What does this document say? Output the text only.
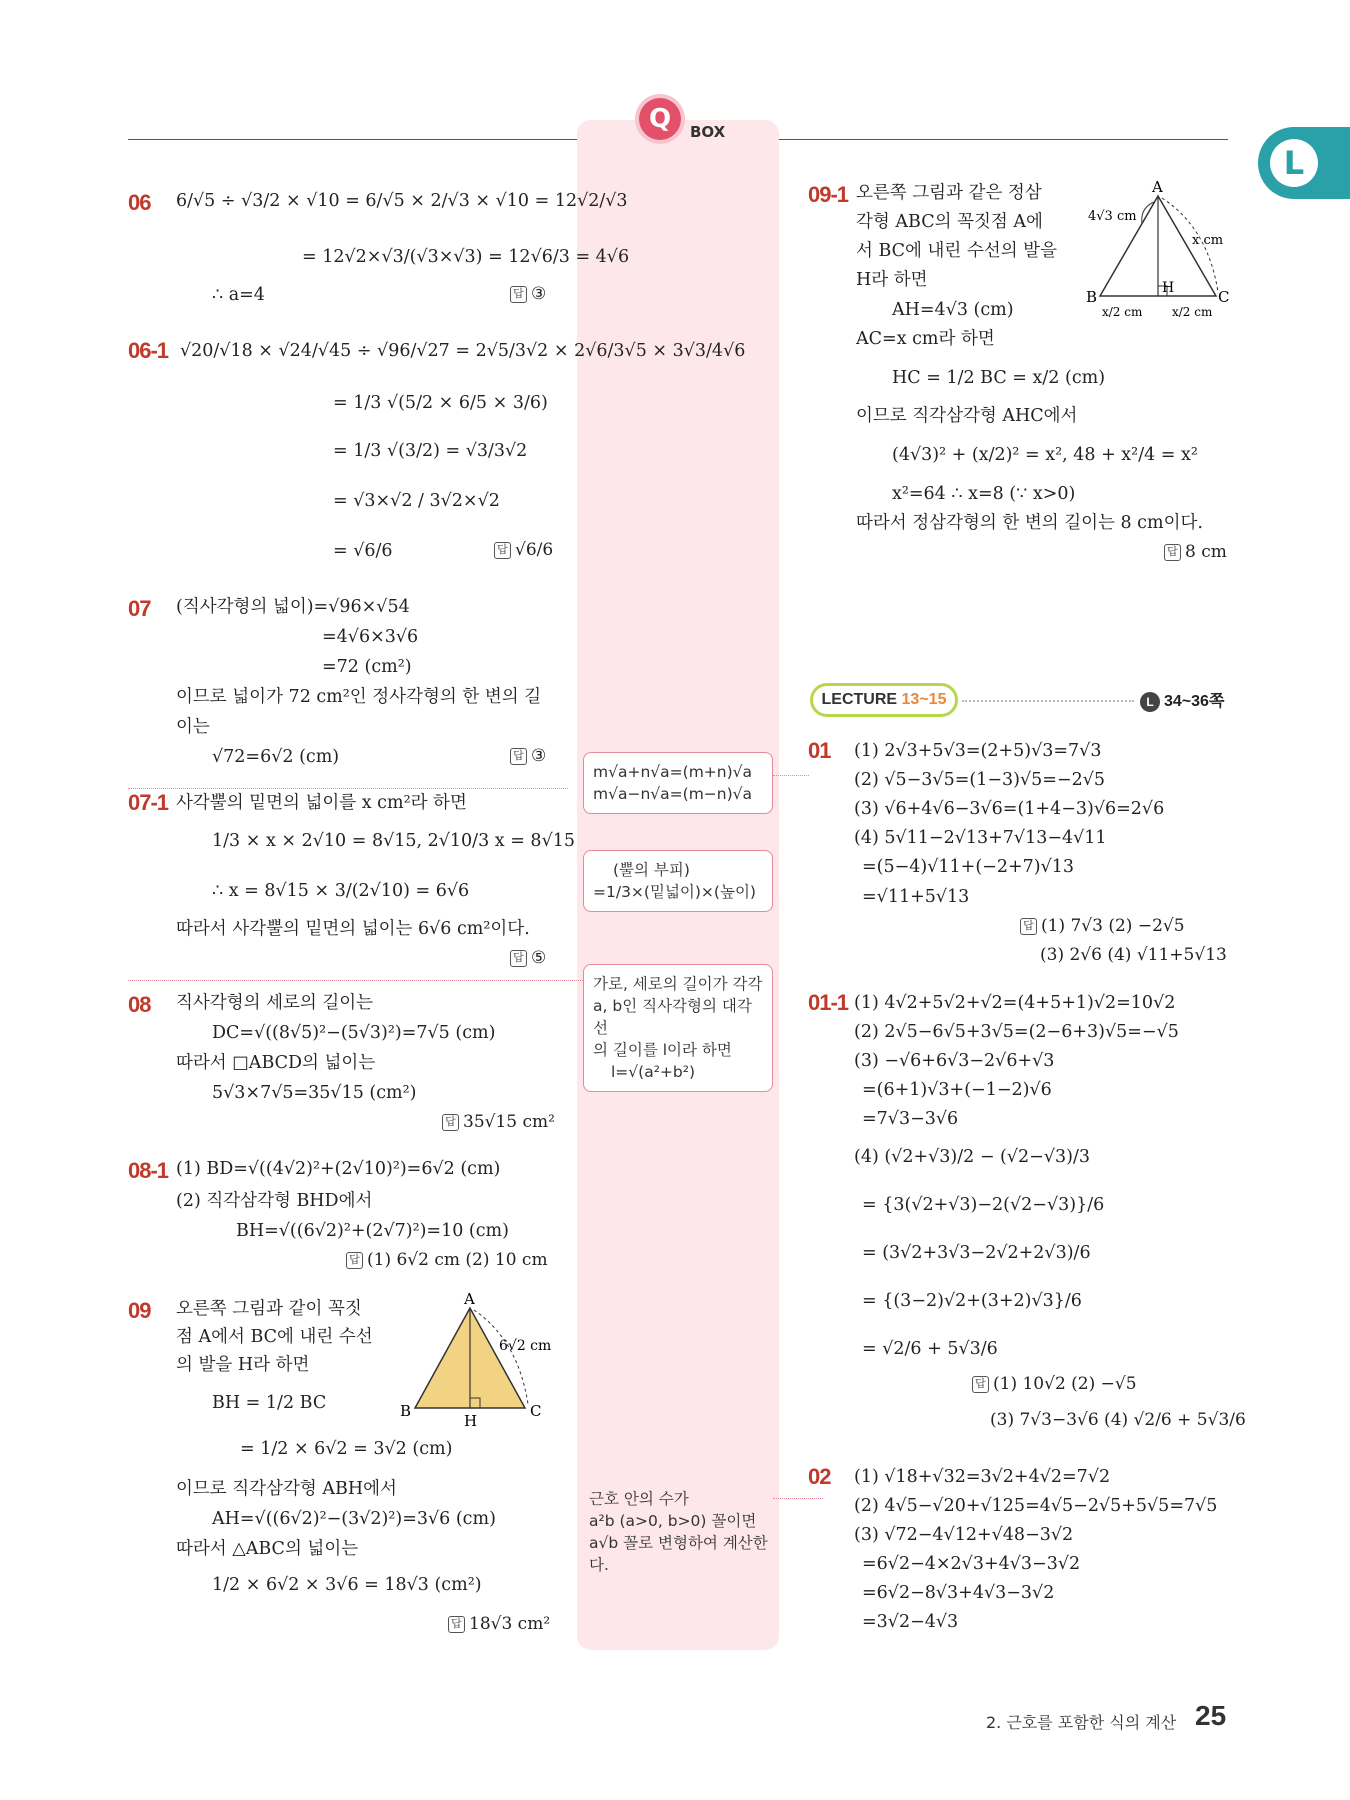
Q	BOX
L
06 6/√5 ÷ √3/2 × √10 = 6/√5 × 2/√3 × √10 = 12√2/√3
= 12√2×√3/(√3×√3) = 12√6/3 = 4√6
∴ a=4	답 ③
06-1 √20/√18 × √24/√45 ÷ √96/√27 = 2√5/3√2 × 2√6/3√5 × 3√3/4√6
= 1/3 √(5/2 × 6/5 × 3/6)
= 1/3 √(3/2) = √3/3√2
= √3×√2 / 3√2×√2
= √6/6	답 √6/6
07 (직사각형의 넓이)=√96×√54
=4√6×3√6
=72 (cm²)
이므로 넓이가 72 cm²인 정사각형의 한 변의 길
이는
√72=6√2 (cm)	답 ③
07-1 사각뿔의 밑면의 넓이를 x cm²라 하면
1/3 × x × 2√10 = 8√15, 2√10/3 x = 8√15
∴ x = 8√15 × 3/(2√10) = 6√6
따라서 사각뿔의 밑면의 넓이는 6√6 cm²이다.
답 ⑤
08 직사각형의 세로의 길이는
DC=√((8√5)²−(5√3)²)=7√5 (cm)
따라서 □ABCD의 넓이는
5√3×7√5=35√15 (cm²)
답 35√15 cm²
08-1 (1) BD=√((4√2)²+(2√10)²)=6√2 (cm)
(2) 직각삼각형 BHD에서
BH=√((6√2)²+(2√7)²)=10 (cm)
답 (1) 6√2 cm (2) 10 cm
09 오른쪽 그림과 같이 꼭짓
점 A에서 BC에 내린 수선
의 발을 H라 하면
BH = 1/2 BC
= 1/2 × 6√2 = 3√2 (cm)
이므로 직각삼각형 ABH에서
AH=√((6√2)²−(3√2)²)=3√6 (cm)
따라서 △ABC의 넓이는
1/2 × 6√2 × 3√6 = 18√3 (cm²)
답 18√3 cm²
A
B	C
H
6√2 cm
m√a+n√a=(m+n)√a
m√a−n√a=(m−n)√a
(뿔의 부피)
=1/3×(밑넓이)×(높이)
가로, 세로의 길이가 각각
a, b인 직사각형의 대각선
의 길이를 l이라 하면
l=√(a²+b²)
근호 안의 수가
a²b (a>0, b>0) 꼴이면
a√b 꼴로 변형하여 계산한
다.
09-1 오른쪽 그림과 같은 정삼
각형 ABC의 꼭짓점 A에
서 BC에 내린 수선의 발을
H라 하면
AH=4√3 (cm)
AC=x cm라 하면
HC = 1/2 BC = x/2 (cm)
이므로 직각삼각형 AHC에서
(4√3)² + (x/2)² = x², 48 + x²/4 = x²
x²=64 ∴ x=8 (∵ x>0)
따라서 정삼각형의 한 변의 길이는 8 cm이다.
답 8 cm
A
B	C
H
4√3 cm
x cm
x/2 cm x/2 cm
LECTURE 13~15	L 34~36쪽
01 (1) 2√3+5√3=(2+5)√3=7√3
(2) √5−3√5=(1−3)√5=−2√5
(3) √6+4√6−3√6=(1+4−3)√6=2√6
(4) 5√11−2√13+7√13−4√11
=(5−4)√11+(−2+7)√13
=√11+5√13
답 (1) 7√3 (2) −2√5
(3) 2√6 (4) √11+5√13
01-1 (1) 4√2+5√2+√2=(4+5+1)√2=10√2
(2) 2√5−6√5+3√5=(2−6+3)√5=−√5
(3) −√6+6√3−2√6+√3
=(6+1)√3+(−1−2)√6
=7√3−3√6
(4) (√2+√3)/2 − (√2−√3)/3
= {3(√2+√3)−2(√2−√3)}/6
= (3√2+3√3−2√2+2√3)/6
= {(3−2)√2+(3+2)√3}/6
= √2/6 + 5√3/6
답 (1) 10√2 (2) −√5
(3) 7√3−3√6 (4) √2/6 + 5√3/6
02 (1) √18+√32=3√2+4√2=7√2
(2) 4√5−√20+√125=4√5−2√5+5√5=7√5
(3) √72−4√12+√48−3√2
=6√2−4×2√3+4√3−3√2
=6√2−8√3+4√3−3√2
=3√2−4√3
2. 근호를 포함한 식의 계산 25
